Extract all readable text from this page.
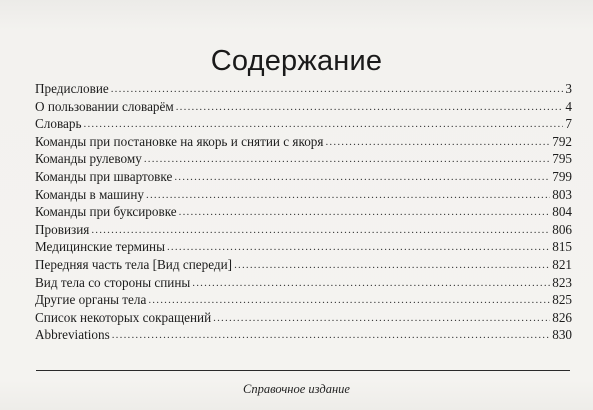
Содержание
Предисловие .....	3
О пользовании словарём .....	4
Словарь .....	7
Команды при постановке на якорь и снятии с якоря .....	792
Команды рулевому .....	795
Команды при швартовке .....	799
Команды в машину .....	803
Команды при буксировке .....	804
Провизия .....	806
Медицинские термины .....	815
Передняя часть тела [Вид спереди] .....	821
Вид тела со стороны спины .....	823
Другие органы тела .....	825
Список некоторых сокращений .....	826
Abbreviations .....	830
Справочное издание
